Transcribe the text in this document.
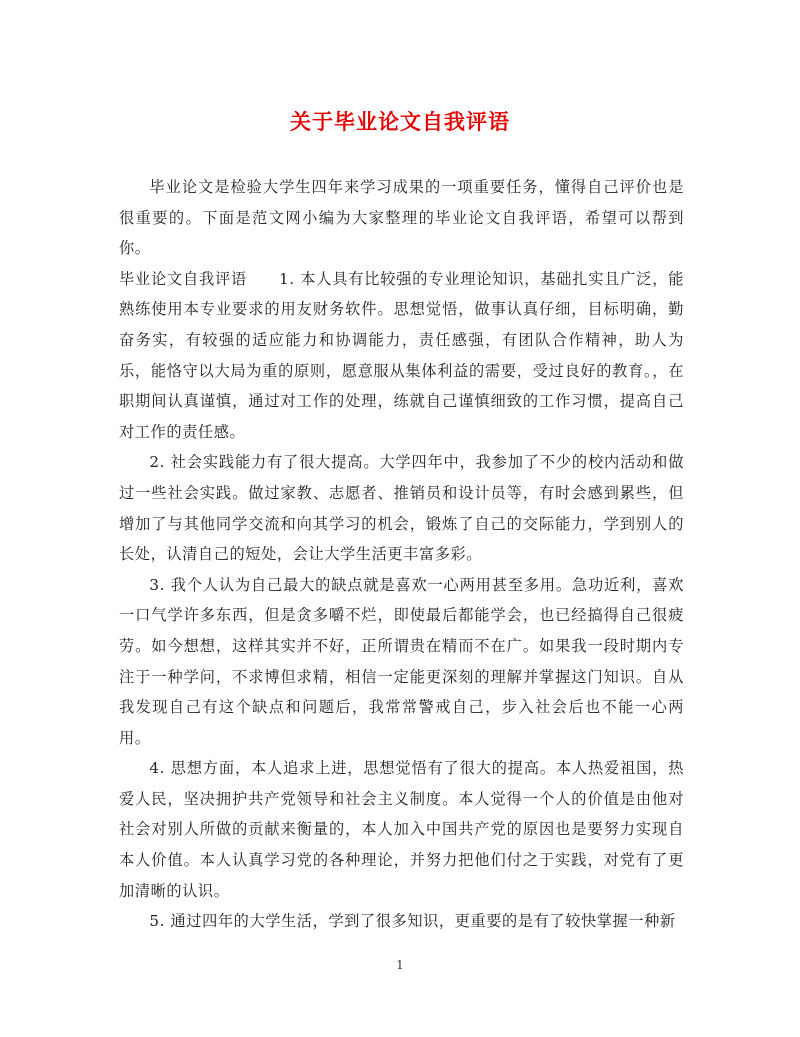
关于毕业论文自我评语

毕业论文是检验大学生四年来学习成果的一项重要任务，懂得自己评价也是很重要的。下面是范文网小编为大家整理的毕业论文自我评语，希望可以帮到你。

毕业论文自我评语　　1. 本人具有比较强的专业理论知识，基础扎实且广泛，能熟练使用本专业要求的用友财务软件。思想觉悟，做事认真仔细，目标明确，勤奋务实，有较强的适应能力和协调能力，责任感强，有团队合作精神，助人为乐，能恪守以大局为重的原则，愿意服从集体利益的需要，受过良好的教育。，在职期间认真谨慎，通过对工作的处理，练就自己谨慎细致的工作习惯，提高自己对工作的责任感。

2. 社会实践能力有了很大提高。大学四年中，我参加了不少的校内活动和做过一些社会实践。做过家教、志愿者、推销员和设计员等，有时会感到累些，但增加了与其他同学交流和向其学习的机会，锻炼了自己的交际能力，学到别人的长处，认清自己的短处，会让大学生活更丰富多彩。

3. 我个人认为自己最大的缺点就是喜欢一心两用甚至多用。急功近利，喜欢一口气学许多东西，但是贪多嚼不烂，即使最后都能学会，也已经搞得自己很疲劳。如今想想，这样其实并不好，正所谓贵在精而不在广。如果我一段时期内专注于一种学问，不求博但求精，相信一定能更深刻的理解并掌握这门知识。自从我发现自己有这个缺点和问题后，我常常警戒自己，步入社会后也不能一心两用。

4. 思想方面，本人追求上进，思想觉悟有了很大的提高。本人热爱祖国，热爱人民，坚决拥护共产党领导和社会主义制度。本人觉得一个人的价值是由他对社会对别人所做的贡献来衡量的，本人加入中国共产党的原因也是要努力实现自本人价值。本人认真学习党的各种理论，并努力把他们付之于实践，对党有了更加清晰的认识。

5. 通过四年的大学生活，学到了很多知识，更重要的是有了较快掌握一种新

1
